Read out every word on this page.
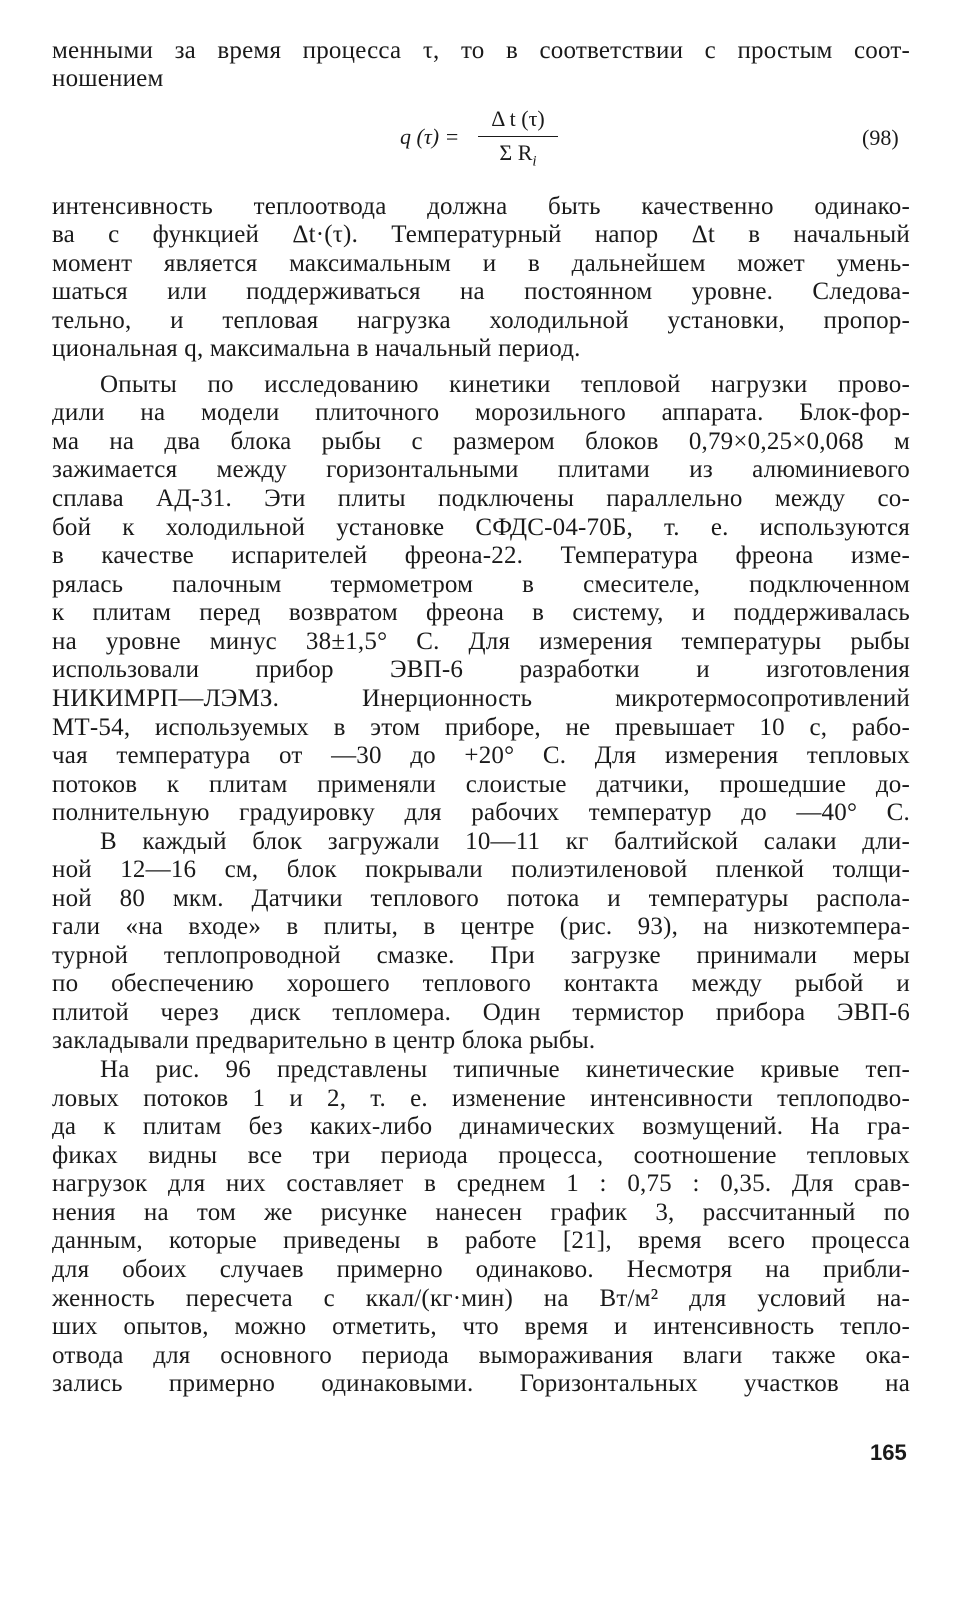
менными за время процесса τ, то в соответствии с простым соот-
ношением
q (τ) =
Δ t (τ)
Σ $R_i$
(98)
интенсивность теплоотвода должна быть качественно одинако-
ва с функцией Δt·(τ). Температурный напор Δt в начальный
момент является максимальным и в дальнейшем может умень-
шаться или поддерживаться на постоянном уровне. Следова-
тельно, и тепловая нагрузка холодильной установки, пропор-
циональная q, максимальна в начальный период.
Опыты по исследованию кинетики тепловой нагрузки прово-
дили на модели плиточного морозильного аппарата. Блок-фор-
ма на два блока рыбы с размером блоков 0,79×0,25×0,068 м
зажимается между горизонтальными плитами из алюминиевого
сплава АД-31. Эти плиты подключены параллельно между со-
бой к холодильной установке СФДС-04-70Б, т. е. используются
в качестве испарителей фреона-22. Температура фреона изме-
рялась палочным термометром в смесителе, подключенном
к плитам перед возвратом фреона в систему, и поддерживалась
на уровне минус 38±1,5° С. Для измерения температуры рыбы
использовали прибор ЭВП-6 разработки и изготовления
НИКИМРП—ЛЭМЗ. Инерционность микротермосопротивлений
МТ-54, используемых в этом приборе, не превышает 10 с, рабо-
чая температура от —30 до +20° С. Для измерения тепловых
потоков к плитам применяли слоистые датчики, прошедшие до-
полнительную градуировку для рабочих температур до —40° С.
В каждый блок загружали 10—11 кг балтийской салаки дли-
ной 12—16 см, блок покрывали полиэтиленовой пленкой толщи-
ной 80 мкм. Датчики теплового потока и температуры распола-
гали «на входе» в плиты, в центре (рис. 93), на низкотемпера-
турной теплопроводной смазке. При загрузке принимали меры
по обеспечению хорошего теплового контакта между рыбой и
плитой через диск тепломера. Один термистор прибора ЭВП-6
закладывали предварительно в центр блока рыбы.
На рис. 96 представлены типичные кинетические кривые теп-
ловых потоков 1 и 2, т. е. изменение интенсивности теплоподво-
да к плитам без каких-либо динамических возмущений. На гра-
фиках видны все три периода процесса, соотношение тепловых
нагрузок для них составляет в среднем 1 : 0,75 : 0,35. Для срав-
нения на том же рисунке нанесен график 3, рассчитанный по
данным, которые приведены в работе [21], время всего процесса
для обоих случаев примерно одинаково. Несмотря на прибли-
женность пересчета с ккал/(кг·мин) на Вт/м² для условий на-
ших опытов, можно отметить, что время и интенсивность тепло-
отвода для основного периода вымораживания влаги также ока-
зались примерно одинаковыми. Горизонтальных участков на
165
